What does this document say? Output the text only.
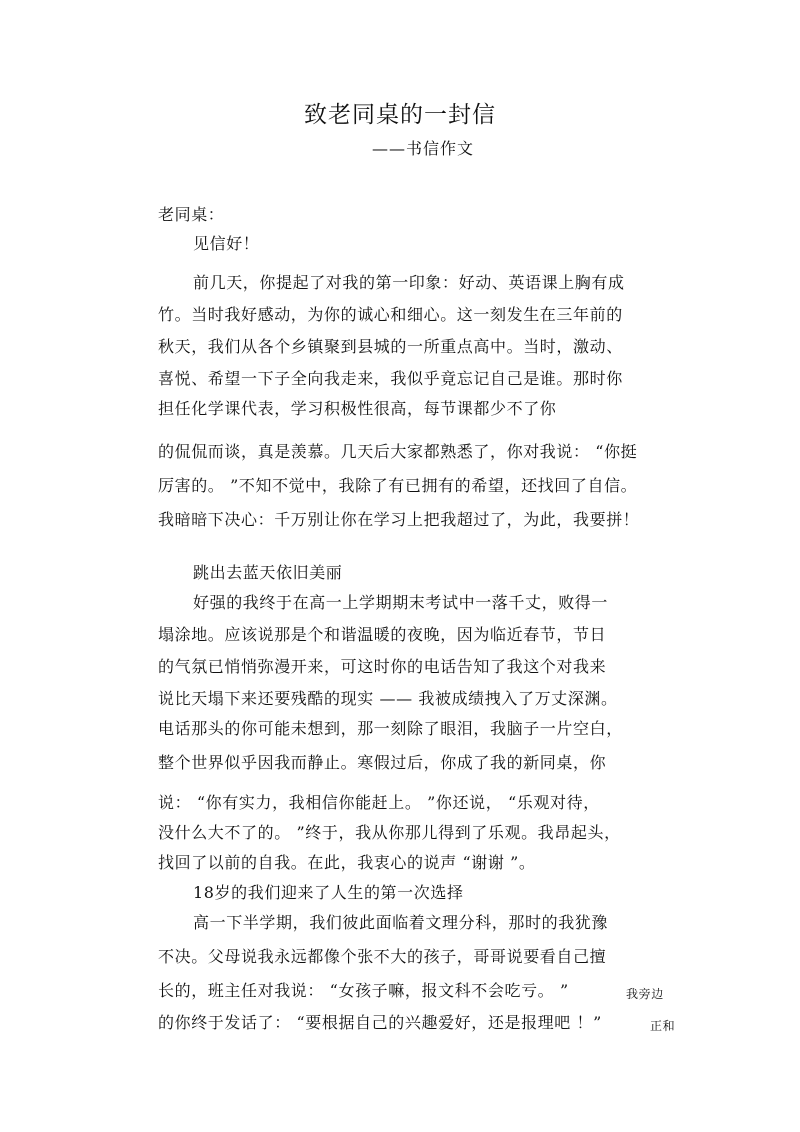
致老同桌的一封信
——书信作文
老同桌：
见信好！
前几天，你提起了对我的第一印象：好动、英语课上胸有成
竹。当时我好感动，为你的诚心和细心。这一刻发生在三年前的
秋天，我们从各个乡镇聚到县城的一所重点高中。当时，激动、
喜悦、希望一下子全向我走来，我似乎竟忘记自己是谁。那时你
担任化学课代表，学习积极性很高，每节课都少不了你
的侃侃而谈，真是羡慕。几天后大家都熟悉了，你对我说： “你挺
厉害的。 ”不知不觉中，我除了有已拥有的希望，还找回了自信。
我暗暗下决心：千万别让你在学习上把我超过了，为此，我要拼！
跳出去蓝天依旧美丽
好强的我终于在高一上学期期末考试中一落千丈，败得一
塌涂地。应该说那是个和谐温暖的夜晚，因为临近春节，节日
的气氛已悄悄弥漫开来，可这时你的电话告知了我这个对我来
说比天塌下来还要残酷的现实 —— 我被成绩拽入了万丈深渊。
电话那头的你可能未想到，那一刻除了眼泪，我脑子一片空白，
整个世界似乎因我而静止。寒假过后，你成了我的新同桌，你
说： “你有实力，我相信你能赶上。 ”你还说， “乐观对待，
没什么大不了的。 ”终于，我从你那儿得到了乐观。我昂起头，
找回了以前的自我。在此，我衷心的说声 “谢谢 ”。
18岁的我们迎来了人生的第一次选择
高一下半学期，我们彼此面临着文理分科，那时的我犹豫
不决。父母说我永远都像个张不大的孩子，哥哥说要看自己擅
长的，班主任对我说： “女孩子嘛，报文科不会吃亏。 ”	我旁边
的你终于发话了： “要根据自己的兴趣爱好，还是报理吧 ！”	正和
